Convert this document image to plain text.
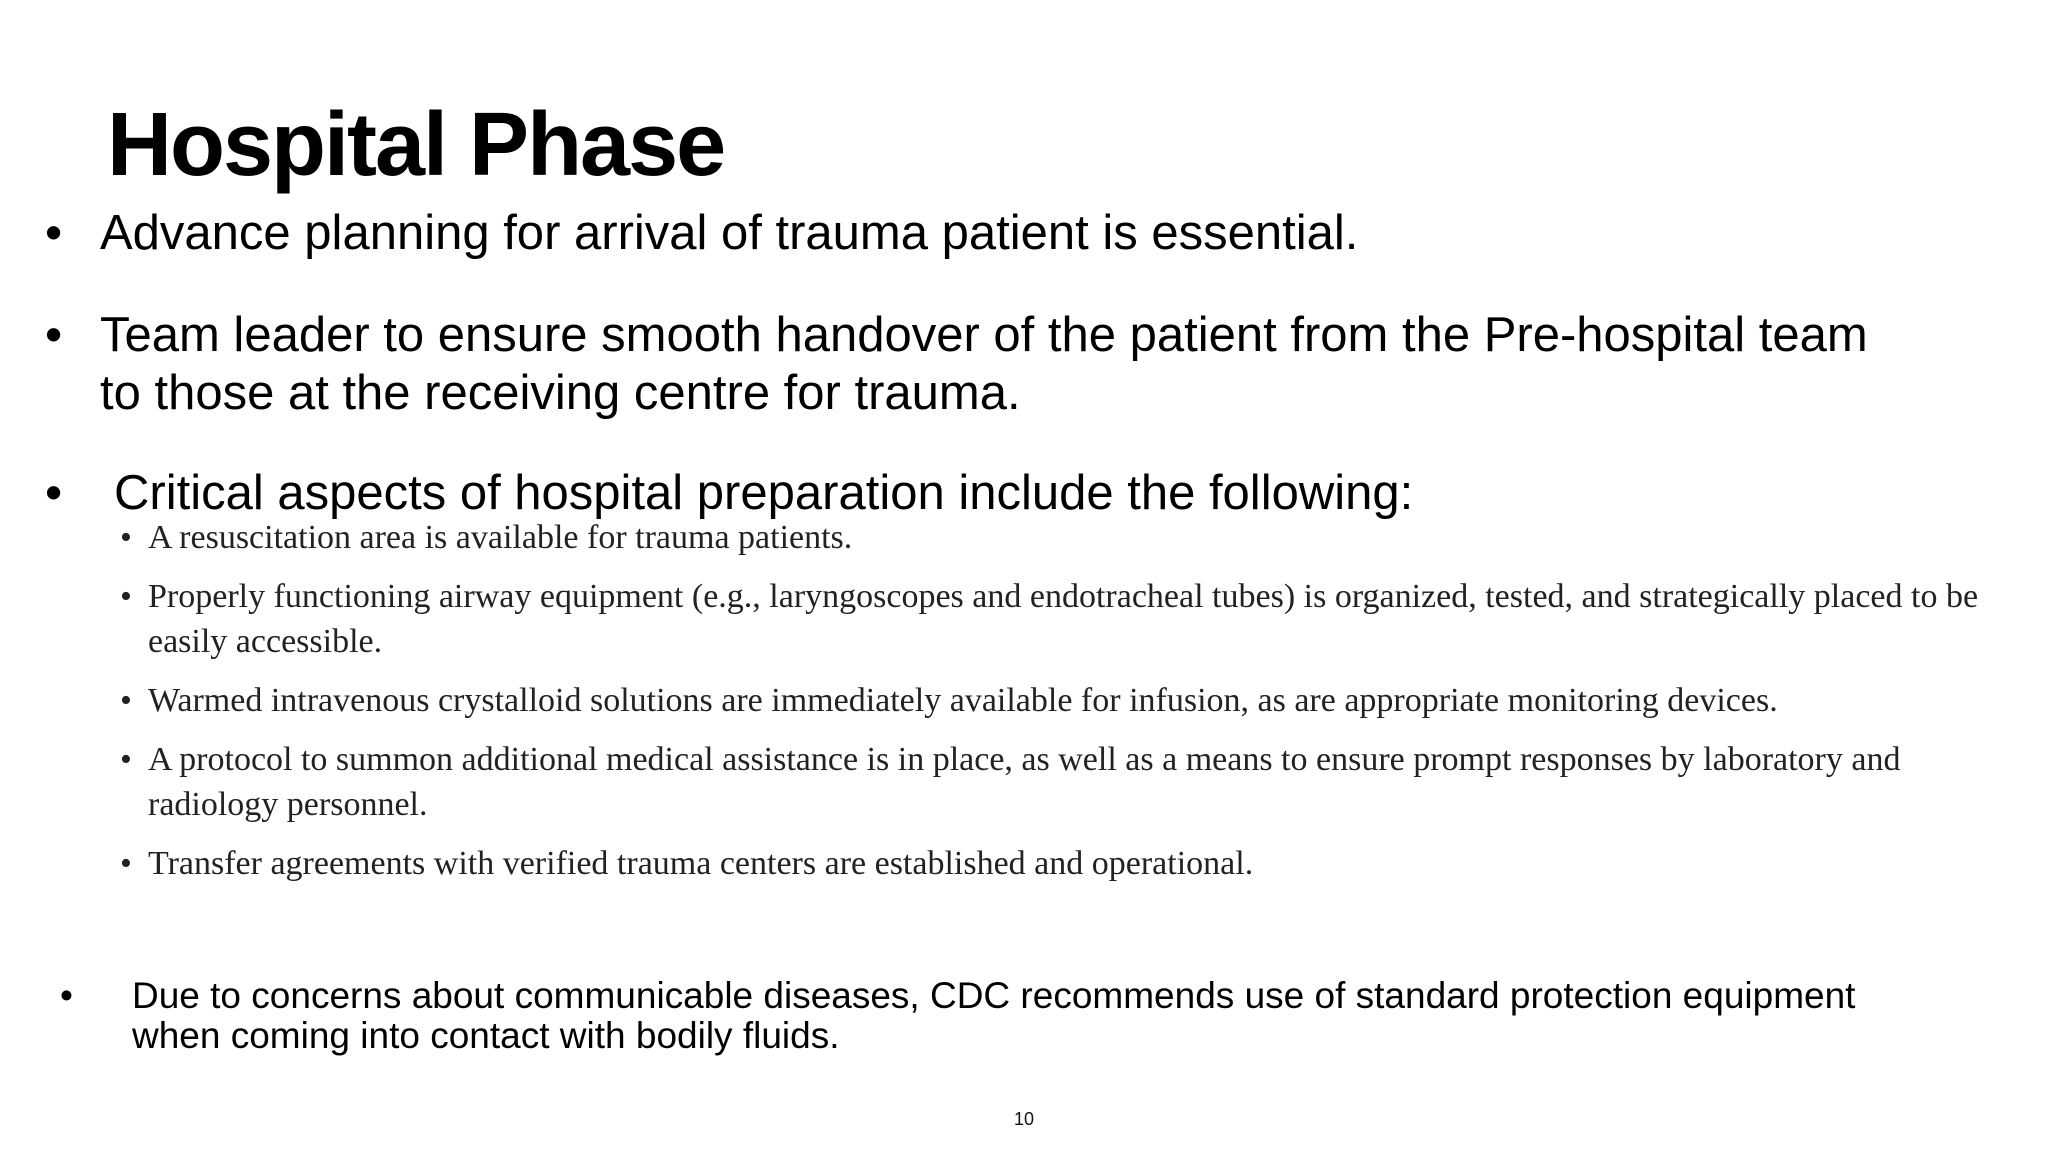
Hospital Phase
• Advance planning for arrival of trauma patient is essential.
• Team leader to ensure smooth handover of the patient from the Pre-hospital team to those at the receiving centre for trauma.
• Critical aspects of hospital preparation include the following:
• A resuscitation area is available for trauma patients.
• Properly functioning airway equipment (e.g., laryngoscopes and endotracheal tubes) is organized, tested, and strategically placed to be easily accessible.
• Warmed intravenous crystalloid solutions are immediately available for infusion, as are appropriate monitoring devices.
• A protocol to summon additional medical assistance is in place, as well as a means to ensure prompt responses by laboratory and radiology personnel.
• Transfer agreements with verified trauma centers are established and operational.
• Due to concerns about communicable diseases, CDC recommends use of standard protection equipment when coming into contact with bodily fluids.
10
